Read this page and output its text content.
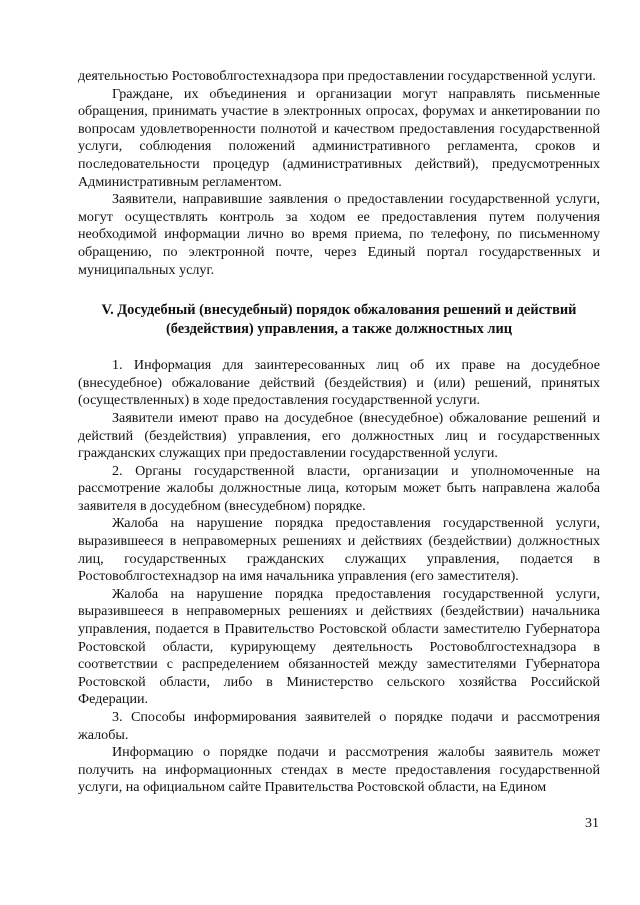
деятельностью Ростовоблгостехнадзора при предоставлении государственной услуги.

Граждане, их объединения и организации могут направлять письменные обращения, принимать участие в электронных опросах, форумах и анкетировании по вопросам удовлетворенности полнотой и качеством предоставления государственной услуги, соблюдения положений административного регламента, сроков и последовательности процедур (административных действий), предусмотренных Административным регламентом.

Заявители, направившие заявления о предоставлении государственной услуги, могут осуществлять контроль за ходом ее предоставления путем получения необходимой информации лично во время приема, по телефону, по письменному обращению, по электронной почте, через Единый портал государственных и муниципальных услуг.

V. Досудебный (внесудебный) порядок обжалования решений и действий
(бездействия) управления, а также должностных лиц

1. Информация для заинтересованных лиц об их праве на досудебное (внесудебное) обжалование действий (бездействия) и (или) решений, принятых (осуществленных) в ходе предоставления государственной услуги.

Заявители имеют право на досудебное (внесудебное) обжалование решений и действий (бездействия) управления, его должностных лиц и государственных гражданских служащих при предоставлении государственной услуги.

2. Органы государственной власти, организации и уполномоченные на рассмотрение жалобы должностные лица, которым может быть направлена жалоба заявителя в досудебном (внесудебном) порядке.

Жалоба на нарушение порядка предоставления государственной услуги, выразившееся в неправомерных решениях и действиях (бездействии) должностных лиц, государственных гражданских служащих управления, подается в Ростовоблгостехнадзор на имя начальника управления (его заместителя).

Жалоба на нарушение порядка предоставления государственной услуги, выразившееся в неправомерных решениях и действиях (бездействии) начальника управления, подается в Правительство Ростовской области заместителю Губернатора Ростовской области, курирующему деятельность Ростовоблгостехнадзора в соответствии с распределением обязанностей между заместителями Губернатора Ростовской области, либо в Министерство сельского хозяйства Российской Федерации.

3. Способы информирования заявителей о порядке подачи и рассмотрения жалобы.

Информацию о порядке подачи и рассмотрения жалобы заявитель может получить на информационных стендах в месте предоставления государственной услуги, на официальном сайте Правительства Ростовской области, на Едином

31
